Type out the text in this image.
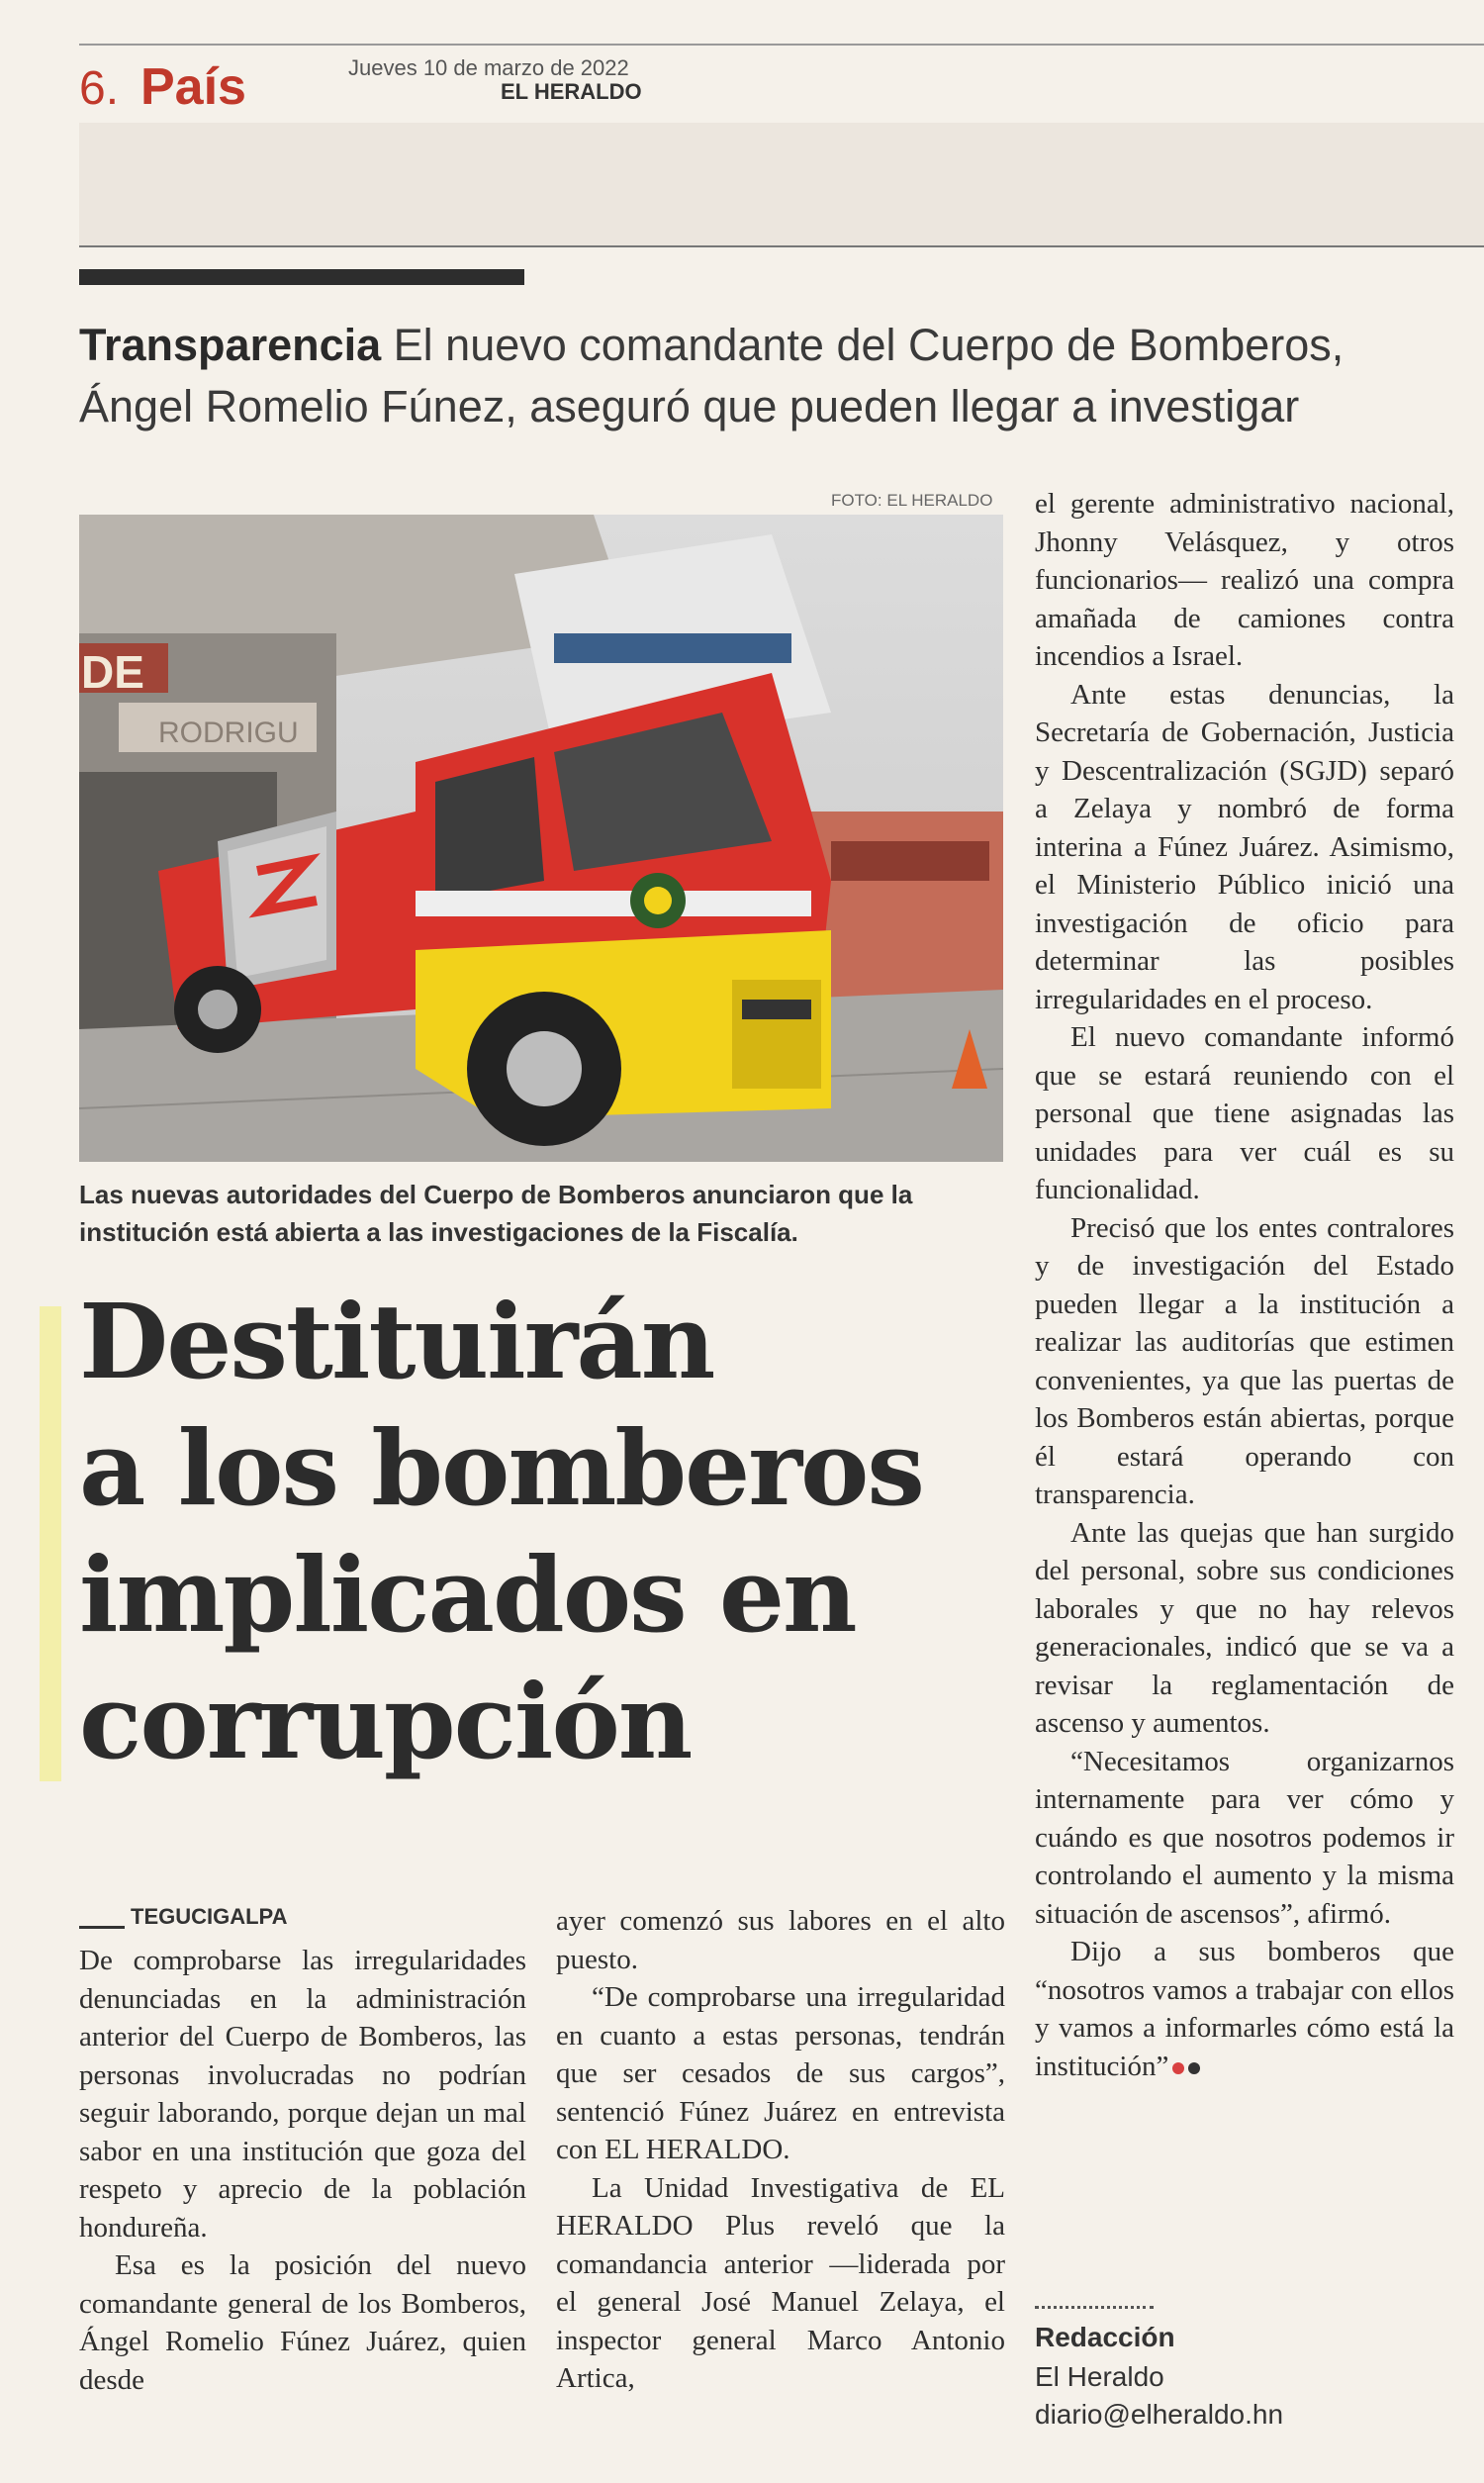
6. País	Jueves 10 de marzo de 2022
EL HERALDO
Transparencia El nuevo comandante del Cuerpo de Bomberos, Ángel Romelio Fúnez, aseguró que pueden llegar a investigar
FOTO: EL HERALDO
DE
RODRIGU
Las nuevas autoridades del Cuerpo de Bomberos anunciaron que la institución está abierta a las investigaciones de la Fiscalía.
Destituirán
a los bomberos
implicados en
corrupción
TEGUCIGALPA

De comprobarse las irregularidades denunciadas en la administración anterior del Cuerpo de Bomberos, las personas involucradas no podrían seguir laborando, porque dejan un mal sabor en una institución que goza del respeto y aprecio de la población hondureña.

Esa es la posición del nuevo comandante general de los Bomberos, Ángel Romelio Fúnez Juárez, quien desde

ayer comenzó sus labores en el alto puesto.

“De comprobarse una irregularidad en cuanto a estas personas, tendrán que ser cesados de sus cargos”, sentenció Fúnez Juárez en entrevista con EL HERALDO.

La Unidad Investigativa de EL HERALDO Plus reveló que la comandancia anterior —liderada por el general José Manuel Zelaya, el inspector general Marco Antonio Artica,

el gerente administrativo nacional, Jhonny Velásquez, y otros funcionarios— realizó una compra amañada de camiones contra incendios a Israel.

Ante estas denuncias, la Secretaría de Gobernación, Justicia y Descentralización (SGJD) separó a Zelaya y nombró de forma interina a Fúnez Juárez. Asimismo, el Ministerio Público inició una investigación de oficio para determinar las posibles irregularidades en el proceso.

El nuevo comandante informó que se estará reuniendo con el personal que tiene asignadas las unidades para ver cuál es su funcionalidad.

Precisó que los entes contralores y de investigación del Estado pueden llegar a la institución a realizar las auditorías que estimen convenientes, ya que las puertas de los Bomberos están abiertas, porque él estará operando con transparencia.

Ante las quejas que han surgido del personal, sobre sus condiciones laborales y que no hay relevos generacionales, indicó que se va a revisar la reglamentación de ascenso y aumentos.

“Necesitamos organizarnos internamente para ver cómo y cuándo es que nosotros podemos ir controlando el aumento y la misma situación de ascensos”, afirmó.

Dijo a sus bomberos que “nosotros vamos a trabajar con ellos y vamos a informarles cómo está la institución”

Redacción
El Heraldo
diario@elheraldo.hn
